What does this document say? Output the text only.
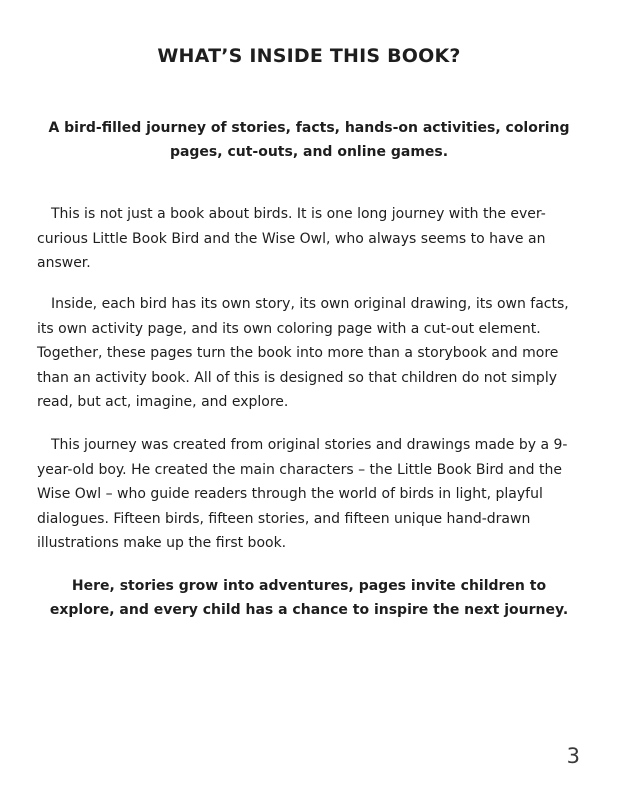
WHAT’S INSIDE THIS BOOK?

A bird-filled journey of stories, facts, hands-on activities, coloring pages, cut-outs, and online games.

This is not just a book about birds. It is one long journey with the ever-curious Little Book Bird and the Wise Owl, who always seems to have an answer.

Inside, each bird has its own story, its own original drawing, its own facts, its own activity page, and its own coloring page with a cut-out element. Together, these pages turn the book into more than a storybook and more than an activity book. All of this is designed so that children do not simply read, but act, imagine, and explore.

This journey was created from original stories and drawings made by a 9-year-old boy. He created the main characters – the Little Book Bird and the Wise Owl – who guide readers through the world of birds in light, playful dialogues. Fifteen birds, fifteen stories, and fifteen unique hand-drawn illustrations make up the first book.

Here, stories grow into adventures, pages invite children to explore, and every child has a chance to inspire the next journey.

3
